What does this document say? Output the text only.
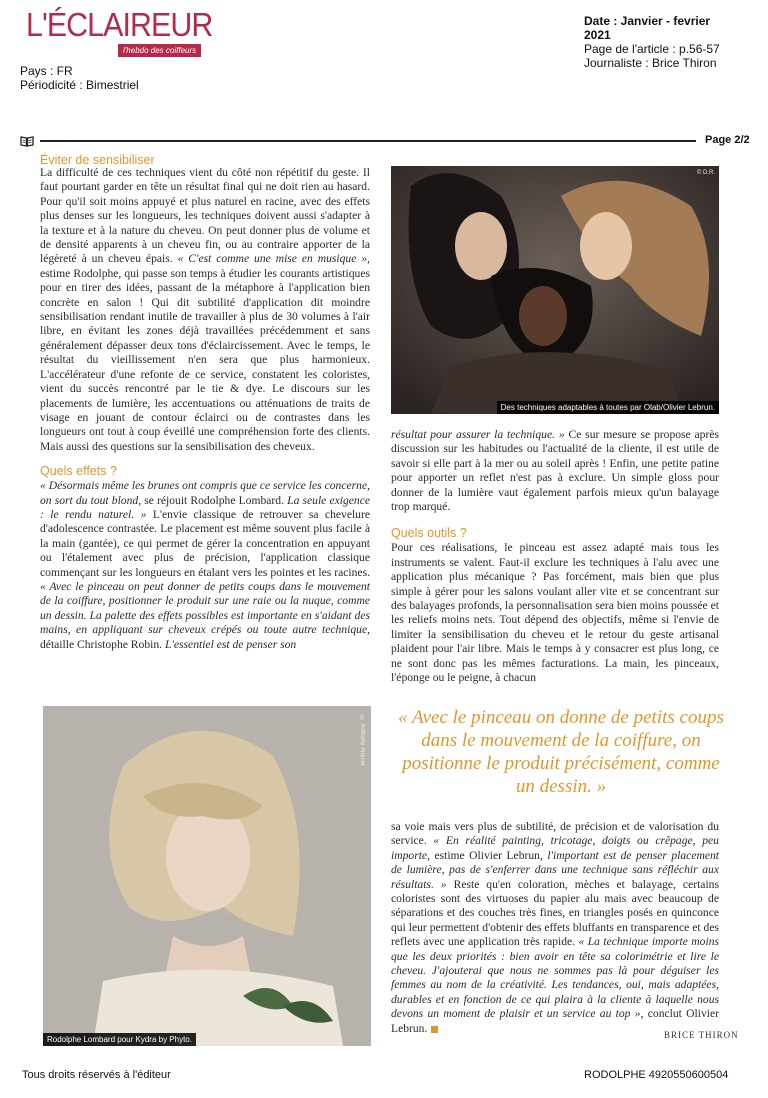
L'ÉCLAIREUR
l'hebdo des coiffeurs
Pays : FR
Périodicité : Bimestriel
Date : Janvier - fevrier
2021
Page de l'article : p.56-57
Journaliste : Brice Thiron
Page 2/2
Éviter de sensibiliser

La difficulté de ces techniques vient du côté non répétitif du geste. Il faut pourtant garder en tête un résultat final qui ne doit rien au hasard. Pour qu'il soit moins appuyé et plus naturel en racine, avec des effets plus denses sur les longueurs, les techniques doivent aussi s'adapter à la texture et à la nature du cheveu. On peut donner plus de volume et de densité apparents à un cheveu fin, ou au contraire apporter de la légèreté à un cheveu épais. « C'est comme une mise en musique », estime Rodolphe, qui passe son temps à étudier les courants artistiques pour en tirer des idées, passant de la métaphore à l'application bien concrète en salon ! Qui dit subtilité d'application dit moindre sensibilisation rendant inutile de travailler à plus de 30 volumes à l'air libre, en évitant les zones déjà travaillées précédemment et sans généralement dépasser deux tons d'éclaircissement. Avec le temps, le résultat du vieillissement n'en sera que plus harmonieux. L'accélérateur d'une refonte de ce service, constatent les coloristes, vient du succès rencontré par le tie & dye. Le discours sur les placements de lumière, les accentuations ou atténuations de traits de visage en jouant de contour éclairci ou de contrastes dans les longueurs ont tout à coup éveillé une compréhension forte des clients. Mais aussi des questions sur la sensibilisation des cheveux.

Quels effets ?

« Désormais même les brunes ont compris que ce service les concerne, on sort du tout blond, se réjouit Rodolphe Lombard. La seule exigence : le rendu naturel. » L'envie classique de retrouver sa chevelure d'adolescence contrastée. Le placement est même souvent plus facile à la main (gantée), ce qui permet de gérer la concentration en appuyant ou l'étalement avec plus de précision, l'application classique commençant sur les longueurs en étalant vers les pointes et les racines. « Avec le pinceau on peut donner de petits coups dans le mouvement de la coiffure, positionner le produit sur une raie ou la nuque, comme un dessin. La palette des effets possibles est importante en s'aidant des mains, en appliquant sur cheveux crépés ou toute autre technique, détaille Christophe Robin. L'essentiel est de penser son

© D.R.
Des techniques adaptables à toutes par Olab/Olivier Lebrun.

résultat pour assurer la technique. » Ce sur mesure se propose après discussion sur les habitudes ou l'actualité de la cliente, il est utile de savoir si elle part à la mer ou au soleil après ! Enfin, une petite patine pour apporter un reflet n'est pas à exclure. Un simple gloss pour donner de la lumière vaut également parfois mieux qu'un balayage trop marqué.

Quels outils ?

Pour ces réalisations, le pinceau est assez adapté mais tous les instruments se valent. Faut-il exclure les techniques à l'alu avec une application plus mécanique ? Pas forcément, mais bien que plus simple à gérer pour les salons voulant aller vite et se concentrant sur des balayages profonds, la personnalisation sera bien moins poussée et les reliefs moins nets. Tout dépend des objectifs, même si l'envie de limiter la sensibilisation du cheveu et le retour du geste artisanal plaident pour l'air libre. Mais le temps à y consacrer est plus long, ce ne sont donc pas les mêmes facturations. La main, les pinceaux, l'éponge ou le peigne, à chacun

© Anthony Arquier
Rodolphe Lombard pour Kydra by Phyto.
« Avec le pinceau on donne de petits coups dans le mouvement de la coiffure, on positionne le produit précisément, comme un dessin. »

sa voie mais vers plus de subtilité, de précision et de valorisation du service. « En réalité painting, tricotage, doigts ou crêpage, peu importe, estime Olivier Lebrun, l'important est de penser placement de lumière, pas de s'enferrer dans une technique sans réfléchir aux résultats. » Reste qu'en coloration, mèches et balayage, certains coloristes sont des virtuoses du papier alu mais avec beaucoup de séparations et des couches très fines, en triangles posés en quinconce qui leur permettent d'obtenir des effets bluffants en transparence et des reflets avec une application très rapide. « La technique importe moins que les deux priorités : bien avoir en tête sa colorimétrie et lire le cheveu. J'ajouterai que nous ne sommes pas là pour déguiser les femmes au nom de la créativité. Les tendances, oui, mais adaptées, durables et en fonction de ce qui plaira à la cliente à laquelle nous devons un moment de plaisir et un service au top », conclut Olivier Lebrun.

BRICE THIRON
Tous droits réservés à l'éditeur	RODOLPHE 4920550600504
